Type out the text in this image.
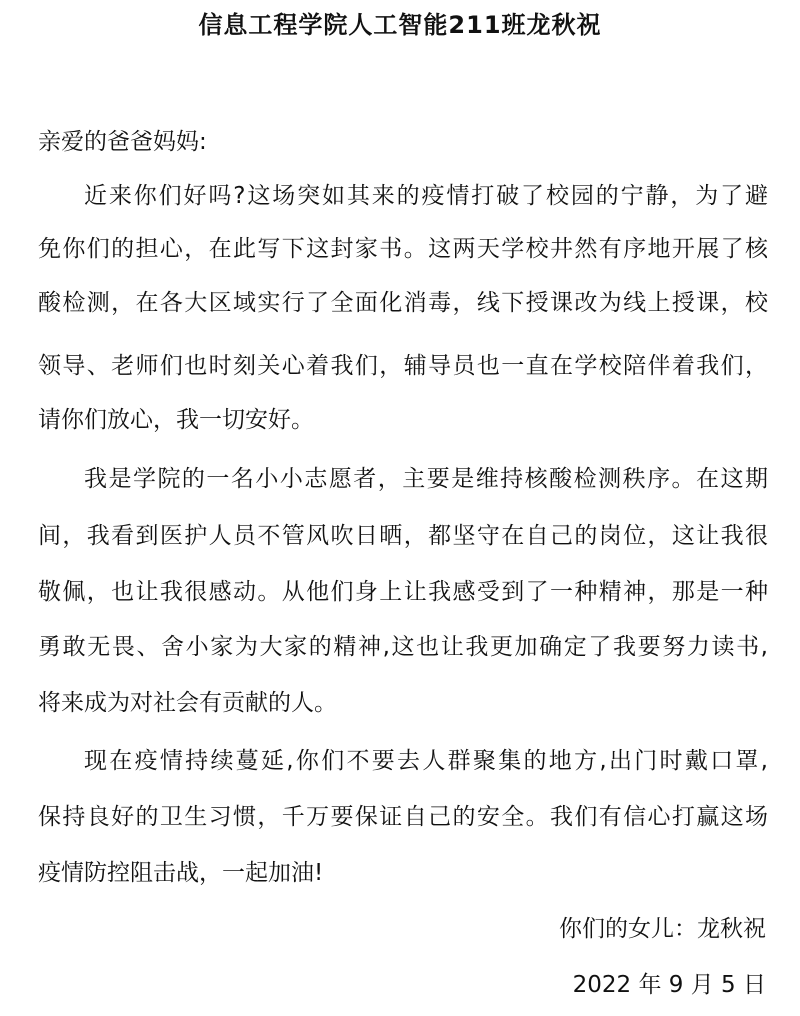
信息工程学院人工智能211班龙秋祝
亲爱的爸爸妈妈:
近来你们好吗?这场突如其来的疫情打破了校园的宁静，为了避
免你们的担心，在此写下这封家书。这两天学校井然有序地开展了核
酸检测，在各大区域实行了全面化消毒，线下授课改为线上授课，校
领导、老师们也时刻关心着我们，辅导员也一直在学校陪伴着我们，
请你们放心，我一切安好。
我是学院的一名小小志愿者，主要是维持核酸检测秩序。在这期
间，我看到医护人员不管风吹日晒，都坚守在自己的岗位，这让我很
敬佩，也让我很感动。从他们身上让我感受到了一种精神，那是一种
勇敢无畏、舍小家为大家的精神,这也让我更加确定了我要努力读书,
将来成为对社会有贡献的人。
现在疫情持续蔓延,你们不要去人群聚集的地方,出门时戴口罩,
保持良好的卫生习惯，千万要保证自己的安全。我们有信心打赢这场
疫情防控阻击战，一起加油!
你们的女儿：龙秋祝
2022 年 9 月 5 日
